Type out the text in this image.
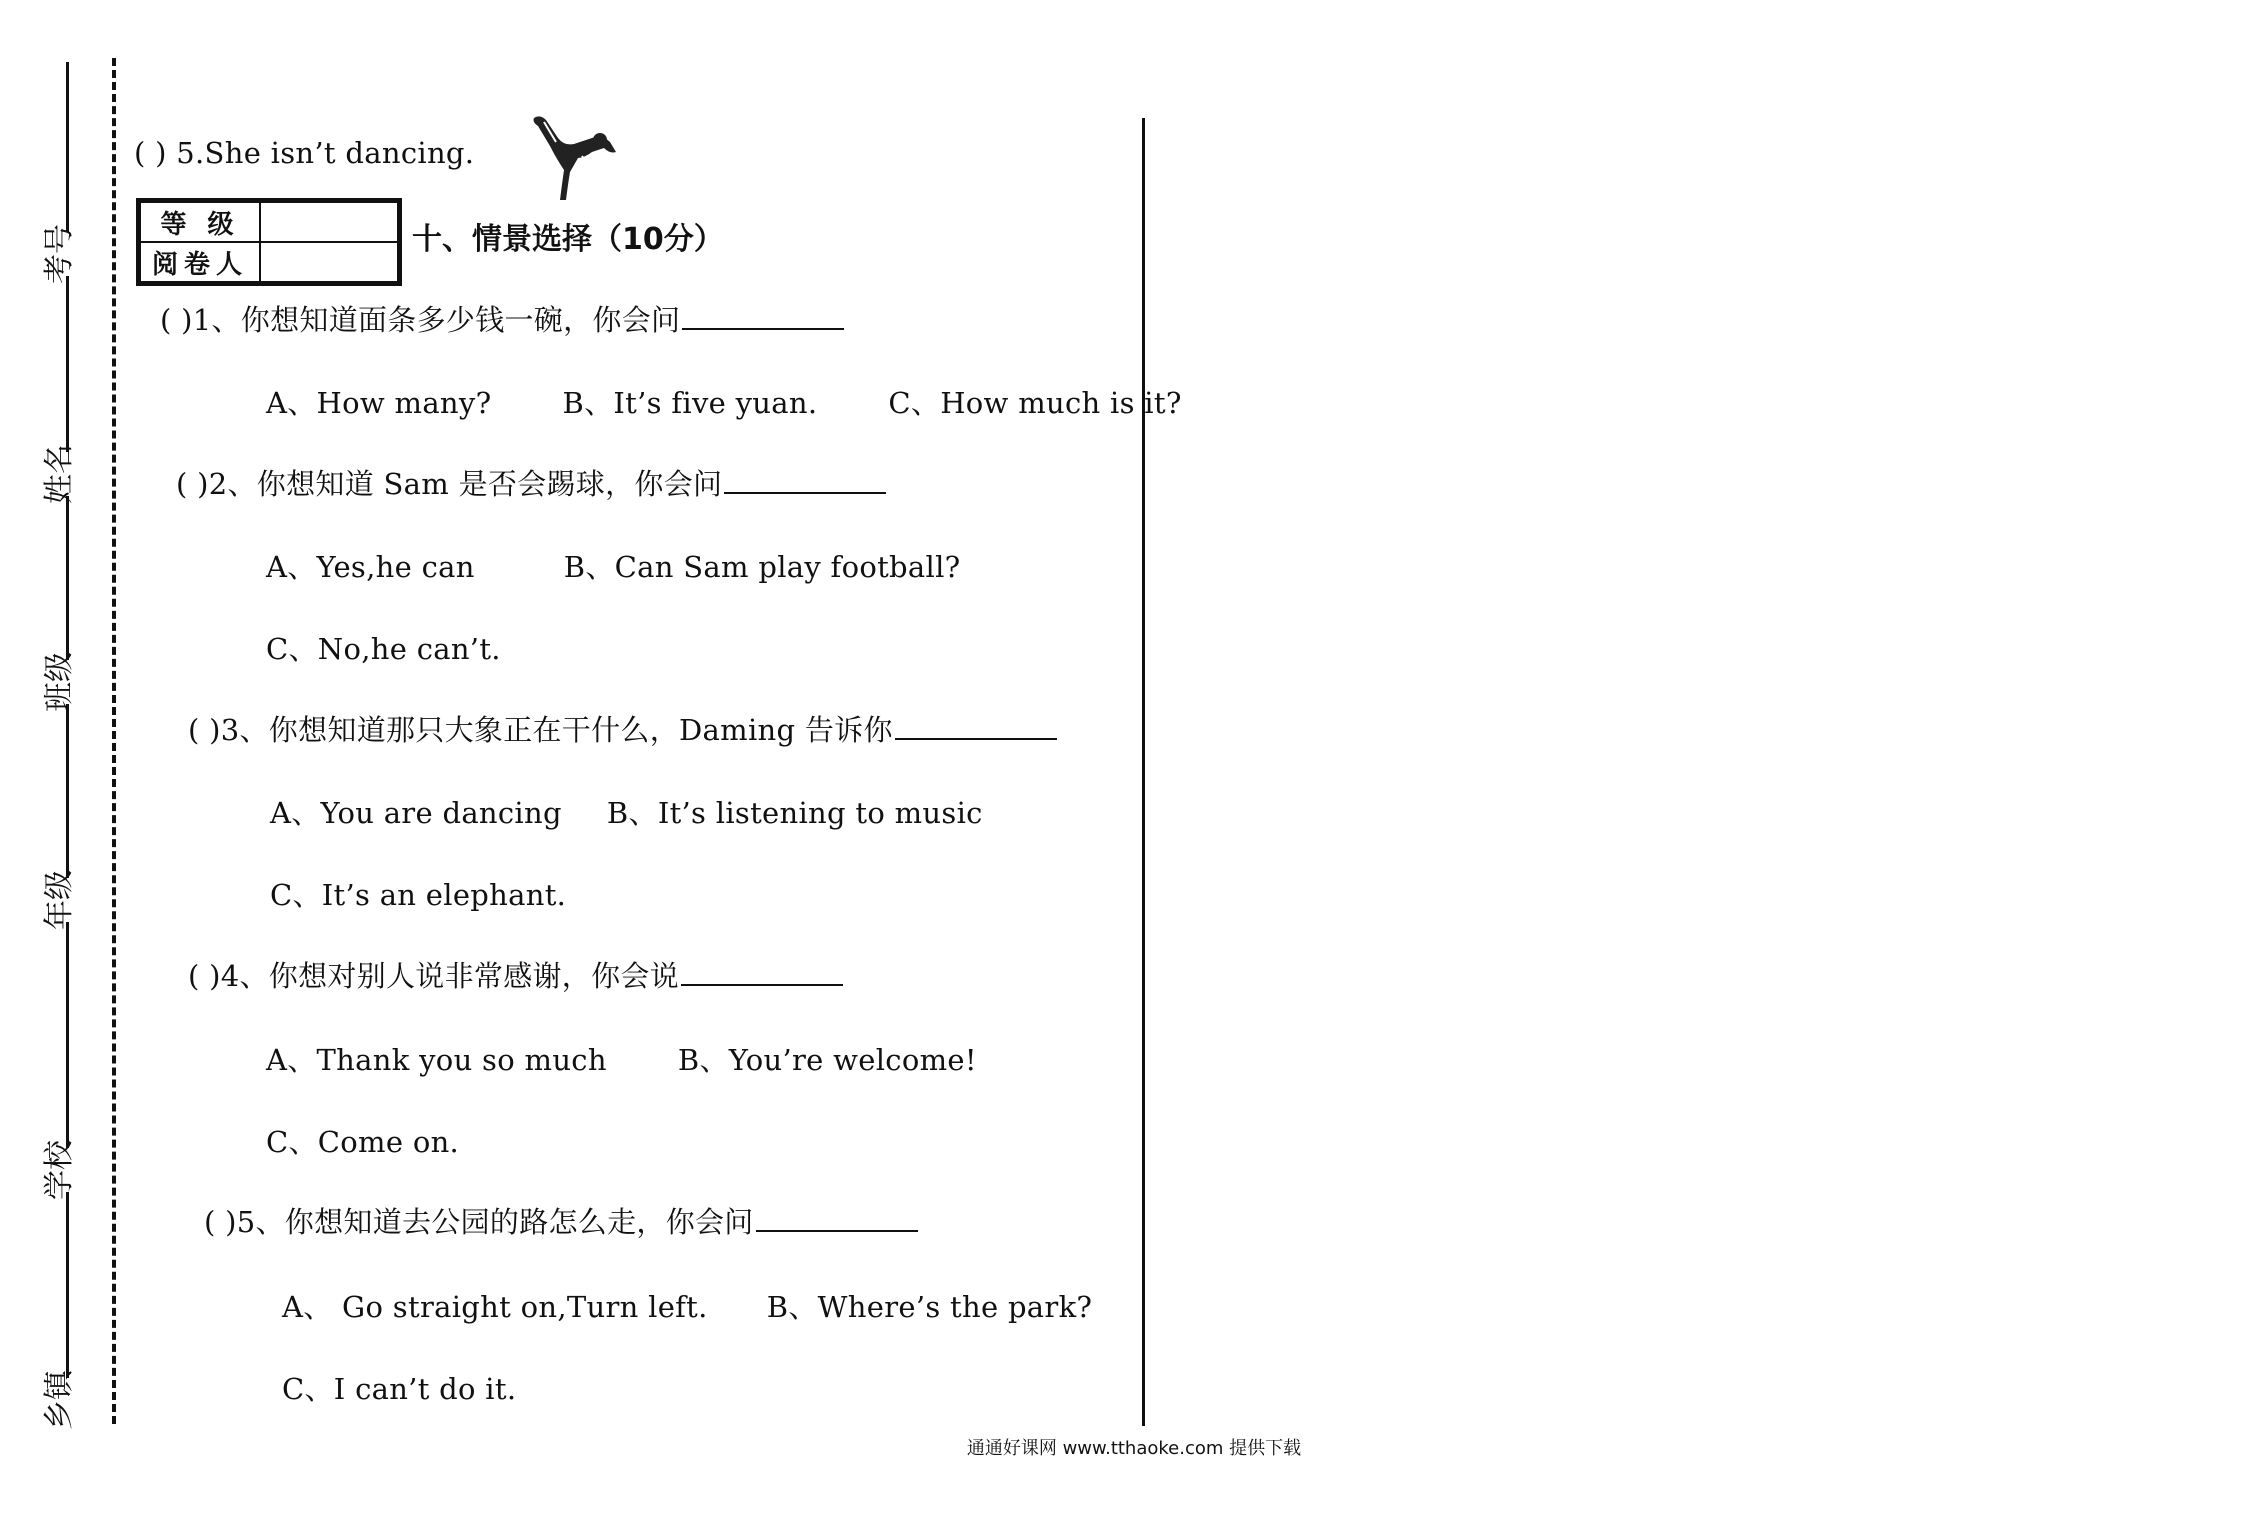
考号
姓名
班级
年级
学校
乡镇
( ) 5.She isn’t dancing.
等 级
阅卷人
十、情景选择（10分）
( )1、你想知道面条多少钱一碗，你会问
A、How many? B、It’s five yuan. C、How much is it?
( )2、你想知道 Sam 是否会踢球，你会问
A、Yes,he can	B、Can Sam play football?
C、No,he can’t.
( )3、你想知道那只大象正在干什么，Daming 告诉你
A、You are dancing B、It’s listening to music
C、It’s an elephant.
( )4、你想对别人说非常感谢，你会说
A、Thank you so much B、You’re welcome!
C、Come on.
( )5、你想知道去公园的路怎么走，你会问
A、 Go straight on,Turn left. B、Where’s the park?
C、I can’t do it.
通通好课网 www.tthaoke.com 提供下载
